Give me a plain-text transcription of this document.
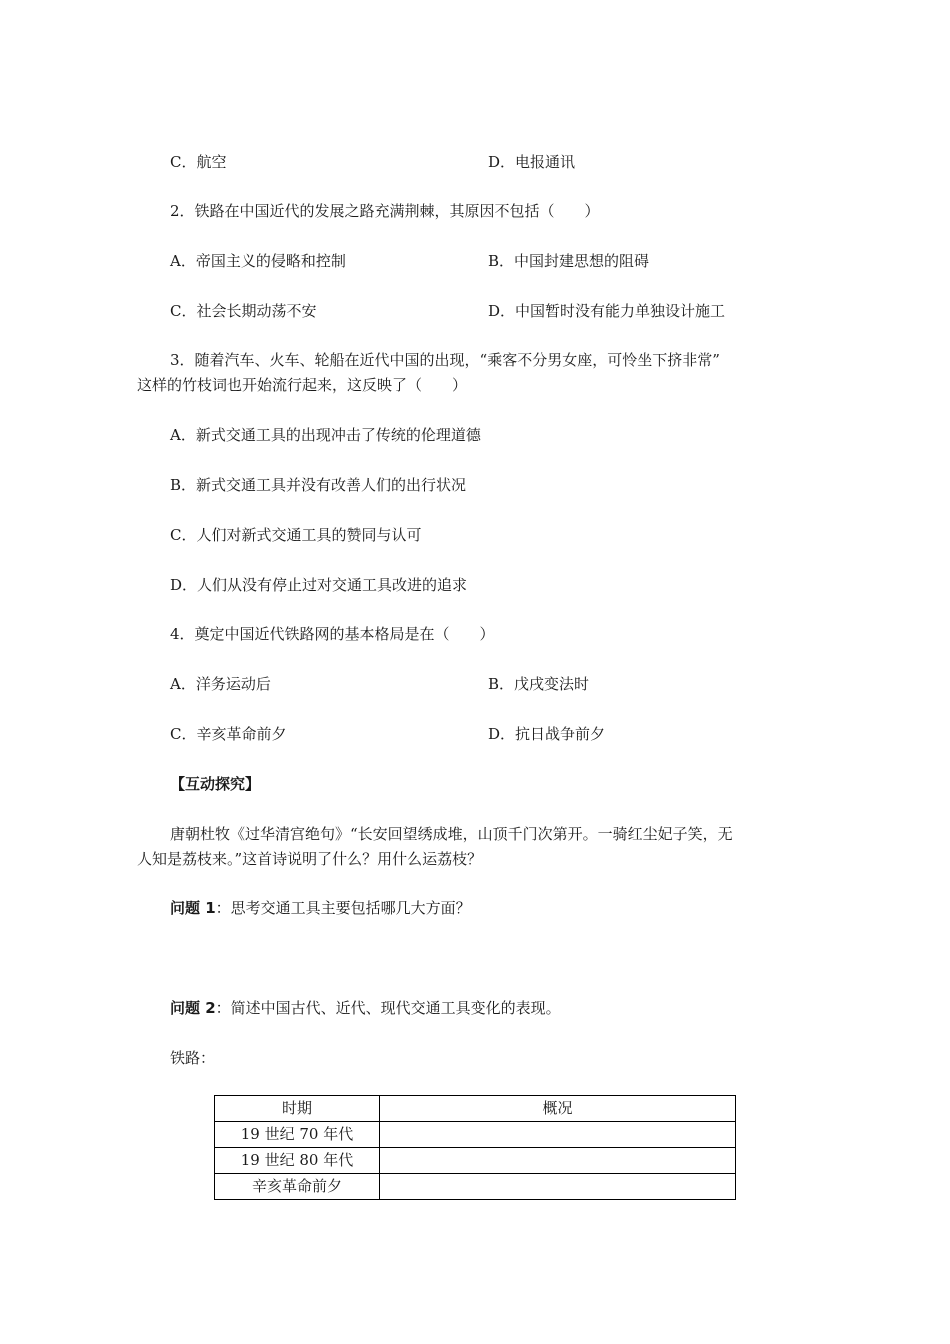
C．航空	D．电报通讯
2．铁路在中国近代的发展之路充满荆棘，其原因不包括（　　）
A．帝国主义的侵略和控制	B．中国封建思想的阻碍
C．社会长期动荡不安	D．中国暂时没有能力单独设计施工
3．随着汽车、火车、轮船在近代中国的出现，“乘客不分男女座，可怜坐下挤非常”
这样的竹枝词也开始流行起来，这反映了（　　）
A．新式交通工具的出现冲击了传统的伦理道德
B．新式交通工具并没有改善人们的出行状况
C．人们对新式交通工具的赞同与认可
D．人们从没有停止过对交通工具改进的追求
4．奠定中国近代铁路网的基本格局是在（　　）
A．洋务运动后	B．戊戌变法时
C．辛亥革命前夕	D．抗日战争前夕
【互动探究】
唐朝杜牧《过华清宫绝句》“长安回望绣成堆，山顶千门次第开。一骑红尘妃子笑，无
人知是荔枝来。”这首诗说明了什么？用什么运荔枝？
问题 1：思考交通工具主要包括哪几大方面？
问题 2：简述中国古代、近代、现代交通工具变化的表现。
铁路：
时期	概况
19 世纪 70 年代	
19 世纪 80 年代	
辛亥革命前夕	
